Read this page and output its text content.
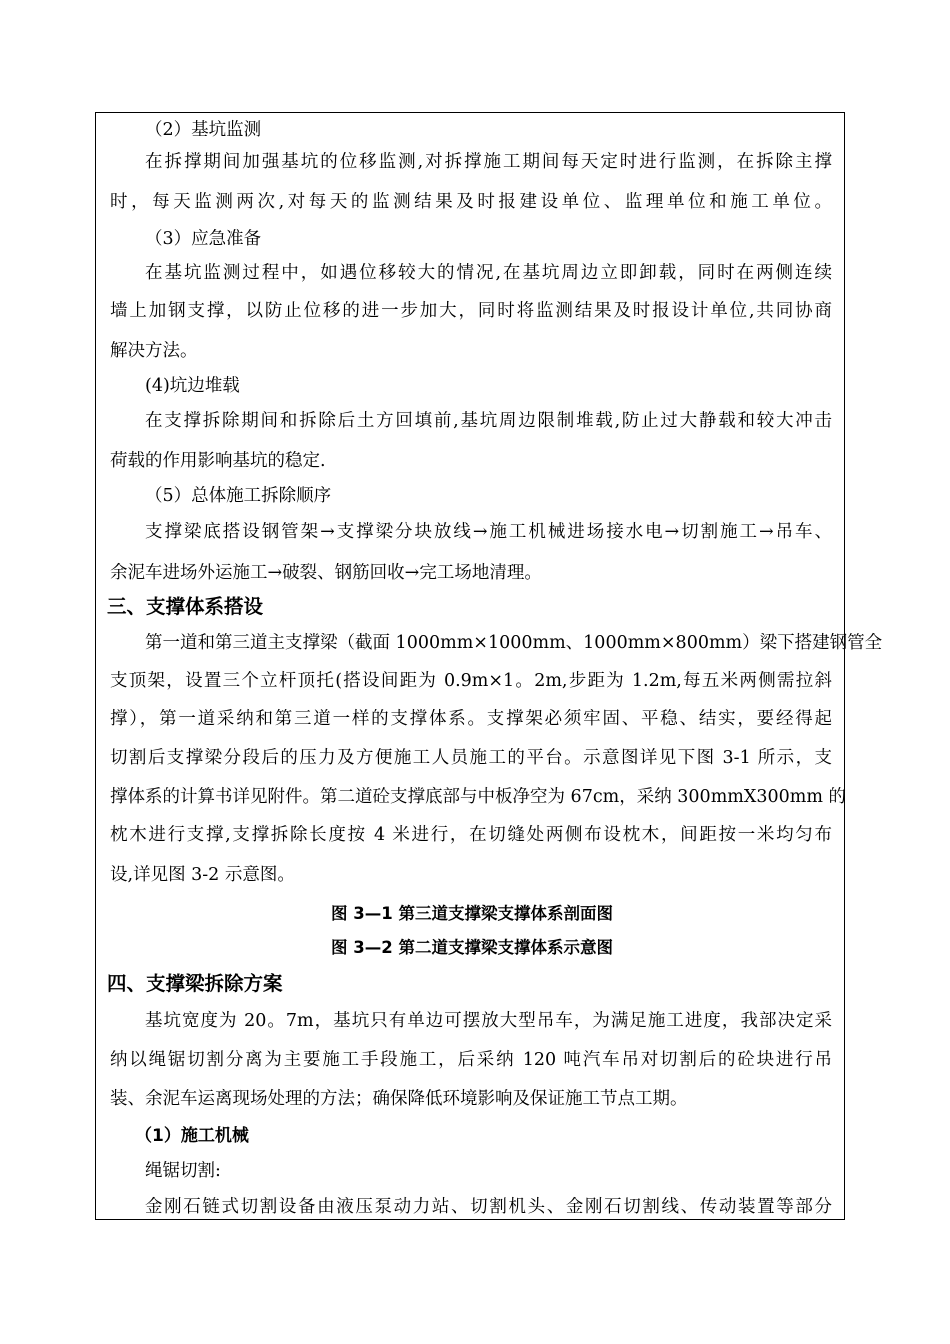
（2）基坑监测
在拆撑期间加强基坑的位移监测,对拆撑施工期间每天定时进行监测，在拆除主撑
时，每天监测两次,对每天的监测结果及时报建设单位、监理单位和施工单位。
（3）应急准备
在基坑监测过程中，如遇位移较大的情况,在基坑周边立即卸载，同时在两侧连续
墙上加钢支撑，以防止位移的进一步加大，同时将监测结果及时报设计单位,共同协商
解决方法。
(4)坑边堆载
在支撑拆除期间和拆除后土方回填前,基坑周边限制堆载,防止过大静载和较大冲击
荷载的作用影响基坑的稳定.
（5）总体施工拆除顺序
支撑梁底搭设钢管架→支撑梁分块放线→施工机械进场接水电→切割施工→吊车、
余泥车进场外运施工→破裂、钢筋回收→完工场地清理。
三、支撑体系搭设
第一道和第三道主支撑梁（截面 1000mm×1000mm、1000mm×800mm）梁下搭建钢管全
支顶架，设置三个立杆顶托(搭设间距为 0.9m×1。2m,步距为 1.2m,每五米两侧需拉斜
撑），第一道采纳和第三道一样的支撑体系。支撑架必须牢固、平稳、结实，要经得起
切割后支撑梁分段后的压力及方便施工人员施工的平台。示意图详见下图 3-1 所示，支
撑体系的计算书详见附件。第二道砼支撑底部与中板净空为 67cm，采纳 300mmX300mm 的
枕木进行支撑,支撑拆除长度按 4 米进行，在切缝处两侧布设枕木，间距按一米均匀布
设,详见图 3-2 示意图。
图 3—1 第三道支撑梁支撑体系剖面图
图 3—2 第二道支撑梁支撑体系示意图
四、支撑梁拆除方案
基坑宽度为 20。7m，基坑只有单边可摆放大型吊车，为满足施工进度，我部决定采
纳以绳锯切割分离为主要施工手段施工，后采纳 120 吨汽车吊对切割后的砼块进行吊
装、余泥车运离现场处理的方法；确保降低环境影响及保证施工节点工期。
（1）施工机械
绳锯切割:
金刚石链式切割设备由液压泵动力站、切割机头、金刚石切割线、传动装置等部分
